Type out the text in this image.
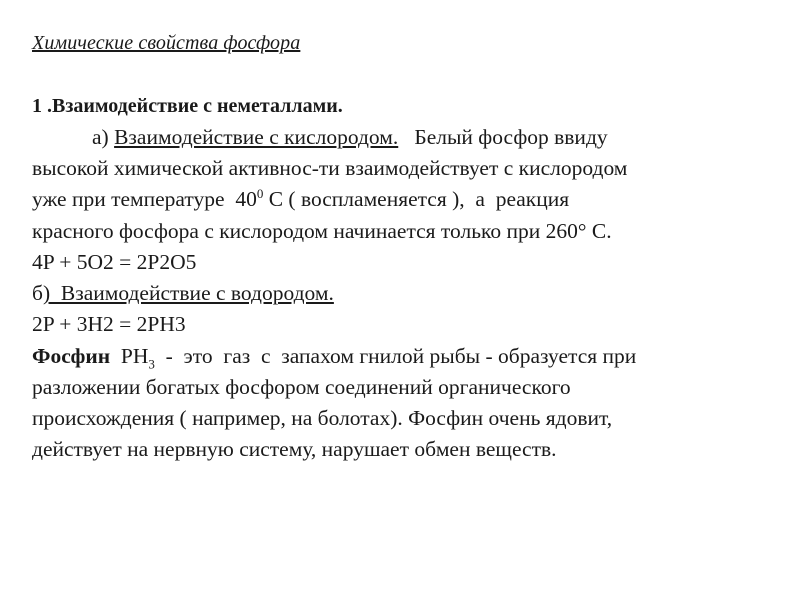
Химические свойства фосфора
1 .Взаимодействие с неметаллами.
а) Взаимодействие с кислородом.   Белый фосфор ввиду
высокой химической активнос-ти взаимодействует с кислородом
уже при температуре  $40^0$ С ( воспламеняется ),  а  реакция
красного фосфора с кислородом начинается только при 260° С.
4P + 5O2 = 2P2O5
б)  Взаимодействие с водородом.
2P + 3H2 = 2PH3
Фосфин  $PH_3$  -  это  газ  с  запахом гнилой рыбы - образуется при
разложении богатых фосфором соединений органического
происхождения ( например, на болотах). Фосфин очень ядовит,
действует на нервную систему, нарушает обмен веществ.
